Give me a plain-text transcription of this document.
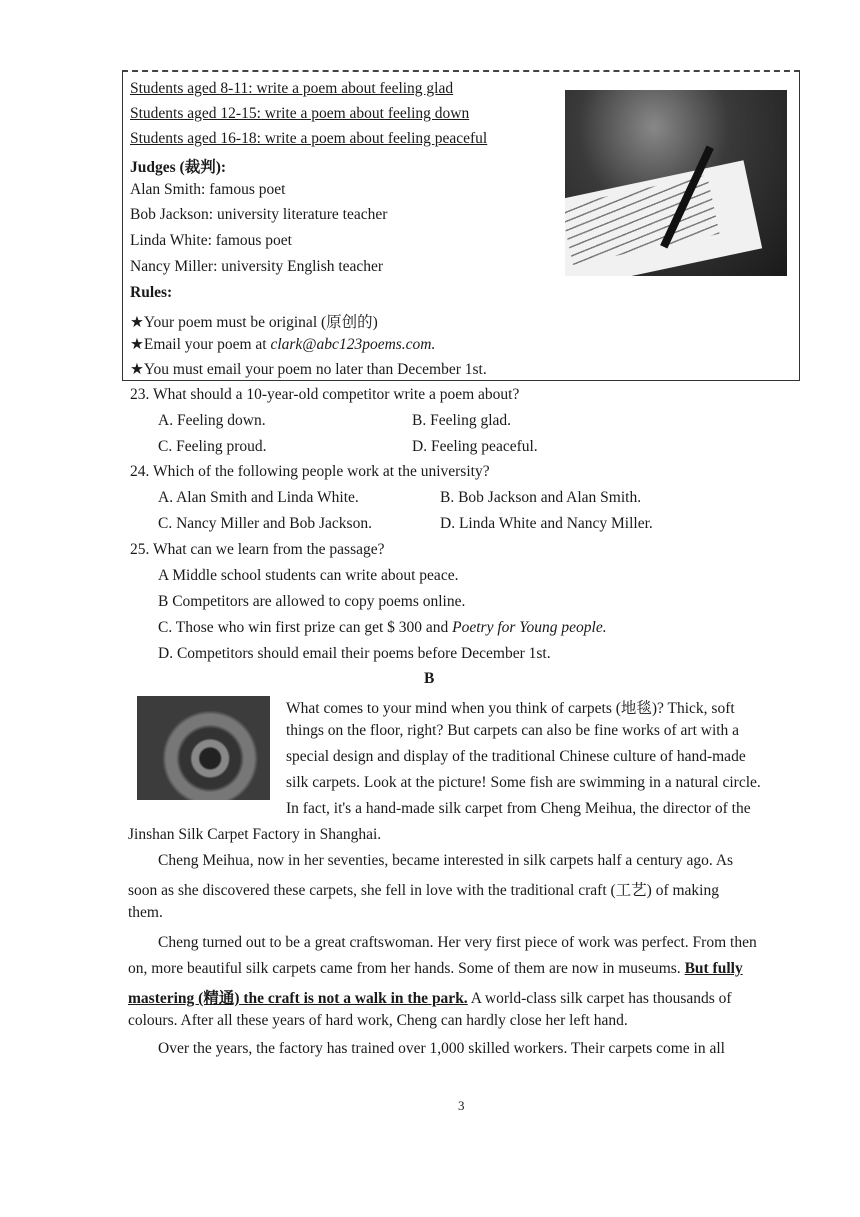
Students aged 8-11: write a poem about feeling glad
Students aged 12-15: write a poem about feeling down
Students aged 16-18: write a poem about feeling peaceful
Judges (裁判):
Alan Smith: famous poet
Bob Jackson: university literature teacher
Linda White: famous poet
Nancy Miller: university English teacher
Rules:
★Your poem must be original (原创的)
★Email your poem at clark@abc123poems.com.
★You must email your poem no later than December 1st.
23. What should a 10-year-old competitor write a poem about?
A. Feeling down.	B. Feeling glad.
C. Feeling proud.	D. Feeling peaceful.
24. Which of the following people work at the university?
A. Alan Smith and Linda White.	B. Bob Jackson and Alan Smith.
C. Nancy Miller and Bob Jackson.	D. Linda White and Nancy Miller.
25. What can we learn from the passage?
A Middle school students can write about peace.
B Competitors are allowed to copy poems online.
C. Those who win first prize can get $ 300 and Poetry for Young people.
D. Competitors should email their poems before December 1st.
B
What comes to your mind when you think of carpets (地毯)? Thick, soft
things on the floor, right? But carpets can also be fine works of art with a
special design and display of the traditional Chinese culture of hand-made
silk carpets. Look at the picture! Some fish are swimming in a natural circle.
In fact, it's a hand-made silk carpet from Cheng Meihua, the director of the
Jinshan Silk Carpet Factory in Shanghai.
Cheng Meihua, now in her seventies, became interested in silk carpets half a century ago. As
soon as she discovered these carpets, she fell in love with the traditional craft (工艺) of making
them.
Cheng turned out to be a great craftswoman. Her very first piece of work was perfect. From then
on, more beautiful silk carpets came from her hands. Some of them are now in museums. But fully
mastering (精通) the craft is not a walk in the park. A world-class silk carpet has thousands of
colours. After all these years of hard work, Cheng can hardly close her left hand.
Over the years, the factory has trained over 1,000 skilled workers. Their carpets come in all
3
